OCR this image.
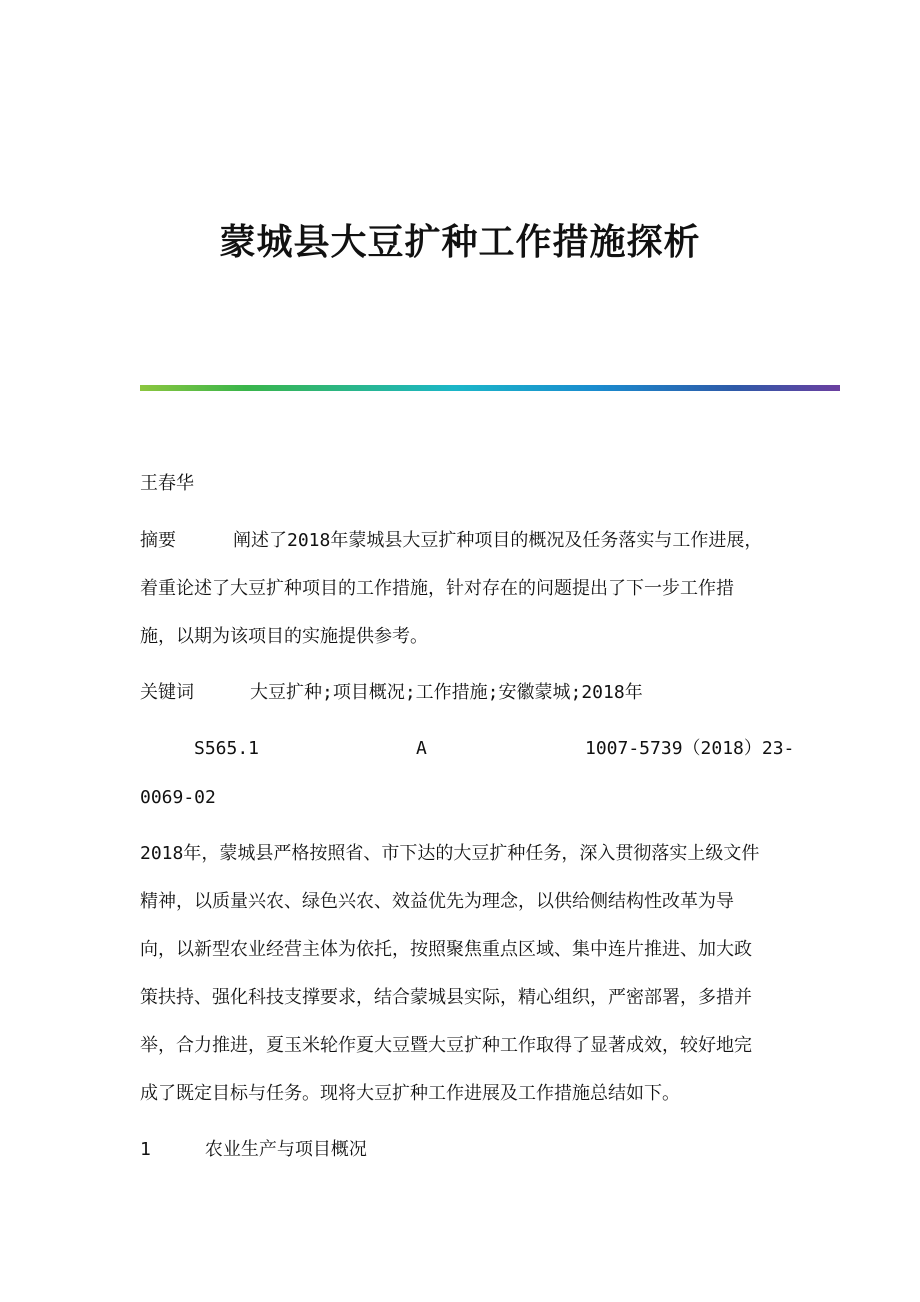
蒙城县大豆扩种工作措施探析
王春华
摘要	阐述了2018年蒙城县大豆扩种项目的概况及任务落实与工作进展，
着重论述了大豆扩种项目的工作措施，针对存在的问题提出了下一步工作措
施，以期为该项目的实施提供参考。
关键词	大豆扩种;项目概况;工作措施;安徽蒙城;2018年
S565.1	A	1007-5739（2018）23-
0069-02
2018年，蒙城县严格按照省、市下达的大豆扩种任务，深入贯彻落实上级文件
精神，以质量兴农、绿色兴农、效益优先为理念，以供给侧结构性改革为导
向，以新型农业经营主体为依托，按照聚焦重点区域、集中连片推进、加大政
策扶持、强化科技支撑要求，结合蒙城县实际，精心组织，严密部署，多措并
举，合力推进，夏玉米轮作夏大豆暨大豆扩种工作取得了显著成效，较好地完
成了既定目标与任务。现将大豆扩种工作进展及工作措施总结如下。
1	农业生产与项目概况
